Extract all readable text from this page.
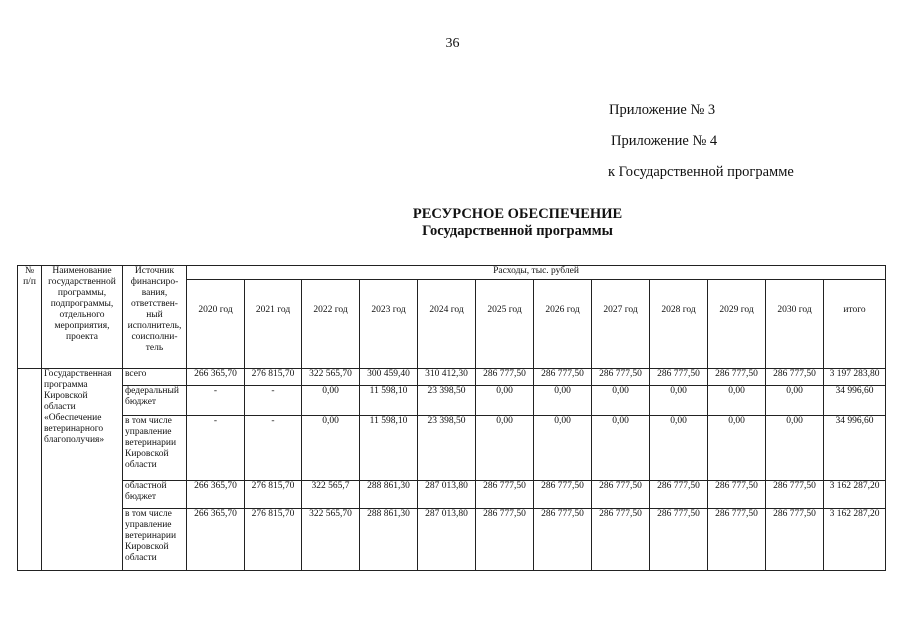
36
Приложение № 3
Приложение № 4
к Государственной программе
РЕСУРСНОЕ ОБЕСПЕЧЕНИЕ
Государственной программы
№ п/п	Наименование государственной программы, подпрограммы, отдельного мероприятия, проекта	Источник финансиро-вания, ответствен-ный исполнитель, соисполни-тель	Расходы, тыс. рублей											
			2020 год	2021 год	2022 год	2023 год	2024 год	2025 год	2026 год	2027 год	2028 год	2029 год	2030 год	итого
	Государственная программа Кировской области «Обеспечение ветеринарного благополучия»	всего	266 365,70	276 815,70	322 565,70	300 459,40	310 412,30	286 777,50	286 777,50	286 777,50	286 777,50	286 777,50	286 777,50	3 197 283,80
		федеральный бюджет	-	-	0,00	11 598,10	23 398,50	0,00	0,00	0,00	0,00	0,00	0,00	34 996,60
		в том числе управление ветеринарии Кировской области	-	-	0,00	11 598,10	23 398,50	0,00	0,00	0,00	0,00	0,00	0,00	34 996,60
		областной бюджет	266 365,70	276 815,70	322 565,7	288 861,30	287 013,80	286 777,50	286 777,50	286 777,50	286 777,50	286 777,50	286 777,50	3 162 287,20
		в том числе управление ветеринарии Кировской области	266 365,70	276 815,70	322 565,70	288 861,30	287 013,80	286 777,50	286 777,50	286 777,50	286 777,50	286 777,50	286 777,50	3 162 287,20
